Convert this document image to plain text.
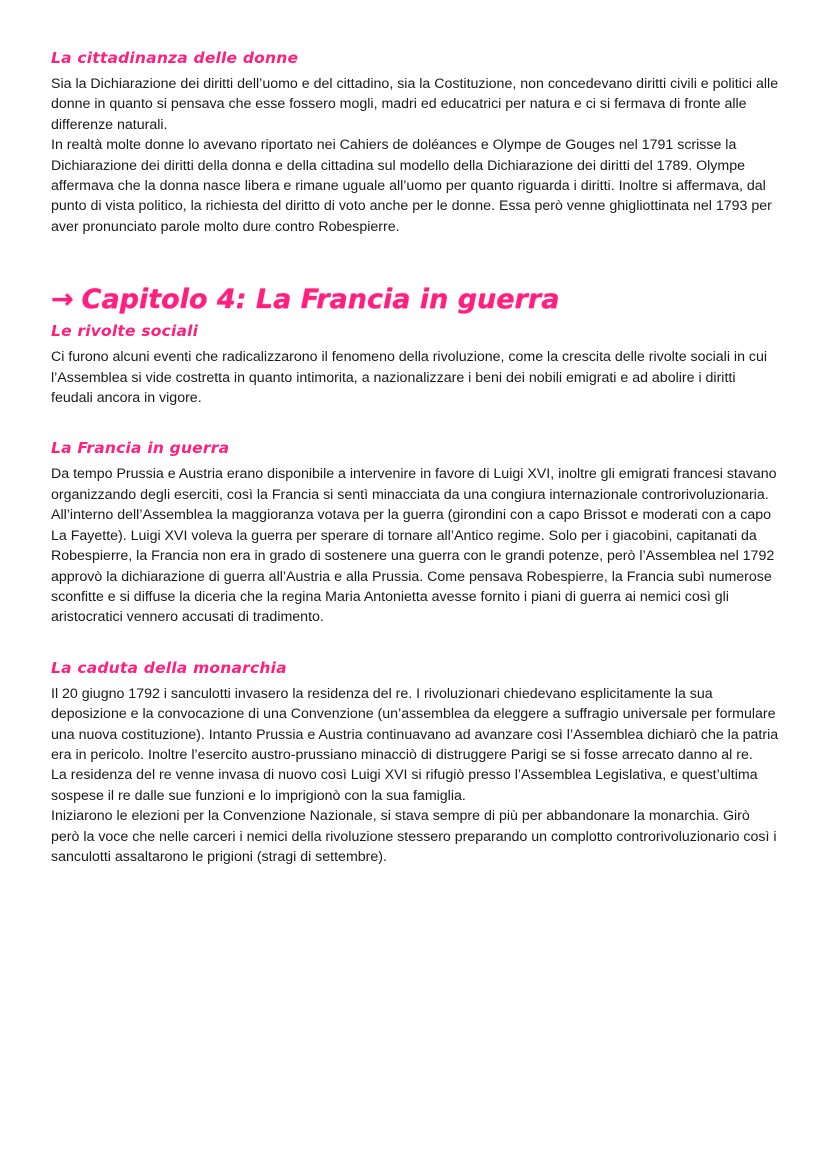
La cittadinanza delle donne

Sia la Dichiarazione dei diritti dell’uomo e del cittadino, sia la Costituzione, non concedevano diritti civili e politici alle donne in quanto si pensava che esse fossero mogli, madri ed educatrici per natura e ci si fermava di fronte alle differenze naturali.

In realtà molte donne lo avevano riportato nei Cahiers de doléances e Olympe de Gouges nel 1791 scrisse la Dichiarazione dei diritti della donna e della cittadina sul modello della Dichiarazione dei diritti del 1789. Olympe affermava che la donna nasce libera e rimane uguale all’uomo per quanto riguarda i diritti. Inoltre si affermava, dal punto di vista politico, la richiesta del diritto di voto anche per le donne. Essa però venne ghigliottinata nel 1793 per aver pronunciato parole molto dure contro Robespierre.

→ Capitolo 4: La Francia in guerra
Le rivolte sociali

Ci furono alcuni eventi che radicalizzarono il fenomeno della rivoluzione, come la crescita delle rivolte sociali in cui l’Assemblea si vide costretta in quanto intimorita, a nazionalizzare i beni dei nobili emigrati e ad abolire i diritti feudali ancora in vigore.

La Francia in guerra

Da tempo Prussia e Austria erano disponibile a intervenire in favore di Luigi XVI, inoltre gli emigrati francesi stavano organizzando degli eserciti, così la Francia si sentì minacciata da una congiura internazionale controrivoluzionaria. All’interno dell’Assemblea la maggioranza votava per la guerra (girondini con a capo Brissot e moderati con a capo La Fayette). Luigi XVI voleva la guerra per sperare di tornare all’Antico regime. Solo per i giacobini, capitanati da Robespierre, la Francia non era in grado di sostenere una guerra con le grandi potenze, però l’Assemblea nel 1792 approvò la dichiarazione di guerra all’Austria e alla Prussia. Come pensava Robespierre, la Francia subì numerose sconfitte e si diffuse la diceria che la regina Maria Antonietta avesse fornito i piani di guerra ai nemici così gli aristocratici vennero accusati di tradimento.

La caduta della monarchia

Il 20 giugno 1792 i sanculotti invasero la residenza del re. I rivoluzionari chiedevano esplicitamente la sua deposizione e la convocazione di una Convenzione (un’assemblea da eleggere a suffragio universale per formulare una nuova costituzione). Intanto Prussia e Austria continuavano ad avanzare così l’Assemblea dichiarò che la patria era in pericolo. Inoltre l’esercito austro-prussiano minacciò di distruggere Parigi se si fosse arrecato danno al re.

La residenza del re venne invasa di nuovo così Luigi XVI si rifugiò presso l’Assemblea Legislativa, e quest’ultima sospese il re dalle sue funzioni e lo imprigionò con la sua famiglia.

Iniziarono le elezioni per la Convenzione Nazionale, si stava sempre di più per abbandonare la monarchia. Girò però la voce che nelle carceri i nemici della rivoluzione stessero preparando un complotto controrivoluzionario così i sanculotti assaltarono le prigioni (stragi di settembre).
